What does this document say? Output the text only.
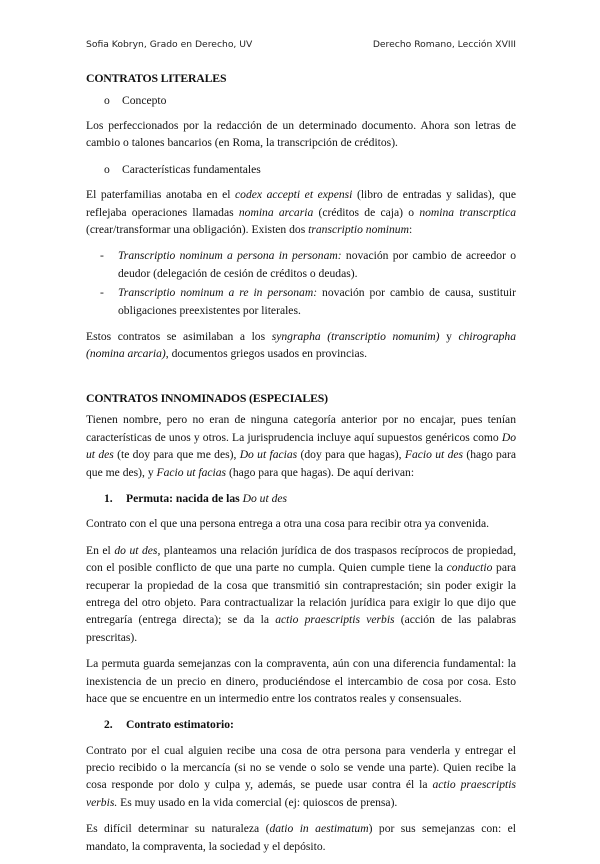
Sofia Kobryn, Grado en Derecho, UV	Derecho Romano, Lección XVIII
CONTRATOS LITERALES
o	Concepto

Los perfeccionados por la redacción de un determinado documento. Ahora son letras de cambio o talones bancarios (en Roma, la transcripción de créditos).

o	Características fundamentales

El paterfamilias anotaba en el codex accepti et expensi (libro de entradas y salidas), que reflejaba operaciones llamadas nomina arcaria (créditos de caja) o nomina transcrptica (crear/transformar una obligación). Existen dos transcriptio nominum:

-	Transcriptio nominum a persona in personam: novación por cambio de acreedor o deudor (delegación de cesión de créditos o deudas).
-	Transcriptio nominum a re in personam: novación por cambio de causa, sustituir obligaciones preexistentes por literales.

Estos contratos se asimilaban a los syngrapha (transcriptio nomunim) y chirographa (nomina arcaria), documentos griegos usados en provincias.

CONTRATOS INNOMINADOS (ESPECIALES)

Tienen nombre, pero no eran de ninguna categoría anterior por no encajar, pues tenían características de unos y otros. La jurisprudencia incluye aquí supuestos genéricos como Do ut des (te doy para que me des), Do ut facias (doy para que hagas), Facio ut des (hago para que me des), y Facio ut facias (hago para que hagas). De aquí derivan:

1.	Permuta: nacida de las Do ut des

Contrato con el que una persona entrega a otra una cosa para recibir otra ya convenida.

En el do ut des, planteamos una relación jurídica de dos traspasos recíprocos de propiedad, con el posible conflicto de que una parte no cumpla. Quien cumple tiene la conductio para recuperar la propiedad de la cosa que transmitió sin contraprestación; sin poder exigir la entrega del otro objeto. Para contractualizar la relación jurídica para exigir lo que dijo que entregaría (entrega directa); se da la actio praescriptis verbis (acción de las palabras prescritas).

La permuta guarda semejanzas con la compraventa, aún con una diferencia fundamental: la inexistencia de un precio en dinero, produciéndose el intercambio de cosa por cosa. Esto hace que se encuentre en un intermedio entre los contratos reales y consensuales.

2.	Contrato estimatorio:

Contrato por el cual alguien recibe una cosa de otra persona para venderla y entregar el precio recibido o la mercancía (si no se vende o solo se vende una parte). Quien recibe la cosa responde por dolo y culpa y, además, se puede usar contra él la actio praescriptis verbis. Es muy usado en la vida comercial (ej: quioscos de prensa).

Es difícil determinar su naturaleza (datio in aestimatum) por sus semejanzas con: el mandato, la compraventa, la sociedad y el depósito.
